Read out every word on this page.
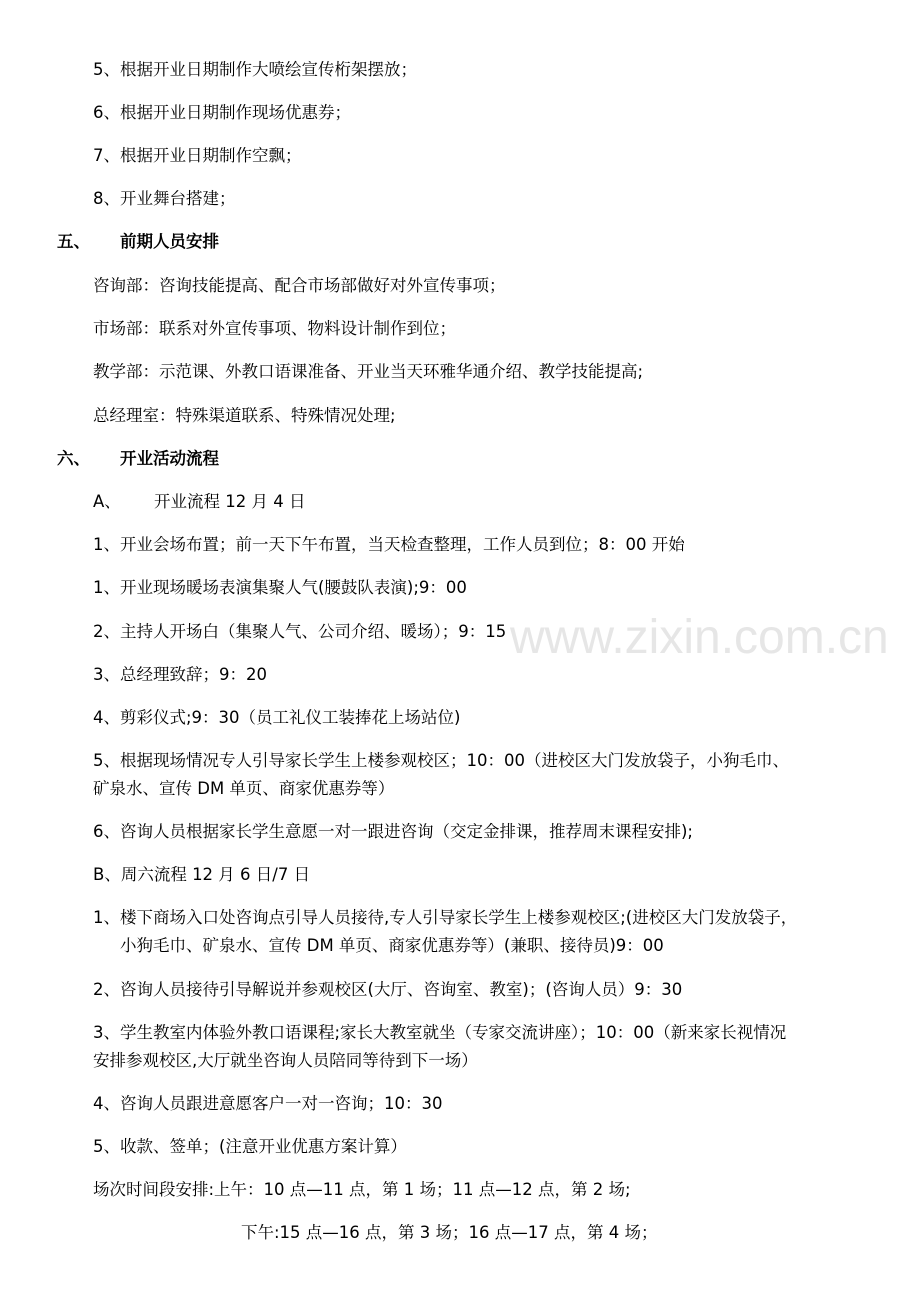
www.zixin.com.cn
5、根据开业日期制作大喷绘宣传桁架摆放；
6、根据开业日期制作现场优惠券；
7、根据开业日期制作空飘；
8、开业舞台搭建；
五、 前期人员安排
咨询部：咨询技能提高、配合市场部做好对外宣传事项；
市场部：联系对外宣传事项、物料设计制作到位；
教学部：示范课、外教口语课准备、开业当天环雅华通介绍、教学技能提高;
总经理室：特殊渠道联系、特殊情况处理;
六、 开业活动流程
A、 开业流程 12 月 4 日
1、开业会场布置；前一天下午布置，当天检查整理，工作人员到位；8：00 开始
1、开业现场暖场表演集聚人气(腰鼓队表演);9：00
2、主持人开场白（集聚人气、公司介绍、暖场）；9：15
3、总经理致辞；9：20
4、剪彩仪式;9：30（员工礼仪工装捧花上场站位)
5、根据现场情况专人引导家长学生上楼参观校区；10：00（进校区大门发放袋子，小狗毛巾、
矿泉水、宣传 DM 单页、商家优惠券等）
6、咨询人员根据家长学生意愿一对一跟进咨询（交定金排课，推荐周末课程安排);
B、周六流程 12 月 6 日/7 日
1、楼下商场入口处咨询点引导人员接待,专人引导家长学生上楼参观校区;(进校区大门发放袋子，
小狗毛巾、矿泉水、宣传 DM 单页、商家优惠券等）(兼职、接待员)9：00
2、咨询人员接待引导解说并参观校区(大厅、咨询室、教室)；(咨询人员）9：30
3、学生教室内体验外教口语课程;家长大教室就坐（专家交流讲座）；10：00（新来家长视情况
安排参观校区,大厅就坐咨询人员陪同等待到下一场）
4、咨询人员跟进意愿客户一对一咨询；10：30
5、收款、签单；(注意开业优惠方案计算）
场次时间段安排:上午：10 点—11 点，第 1 场；11 点—12 点，第 2 场;
下午:15 点—16 点，第 3 场；16 点—17 点，第 4 场；
